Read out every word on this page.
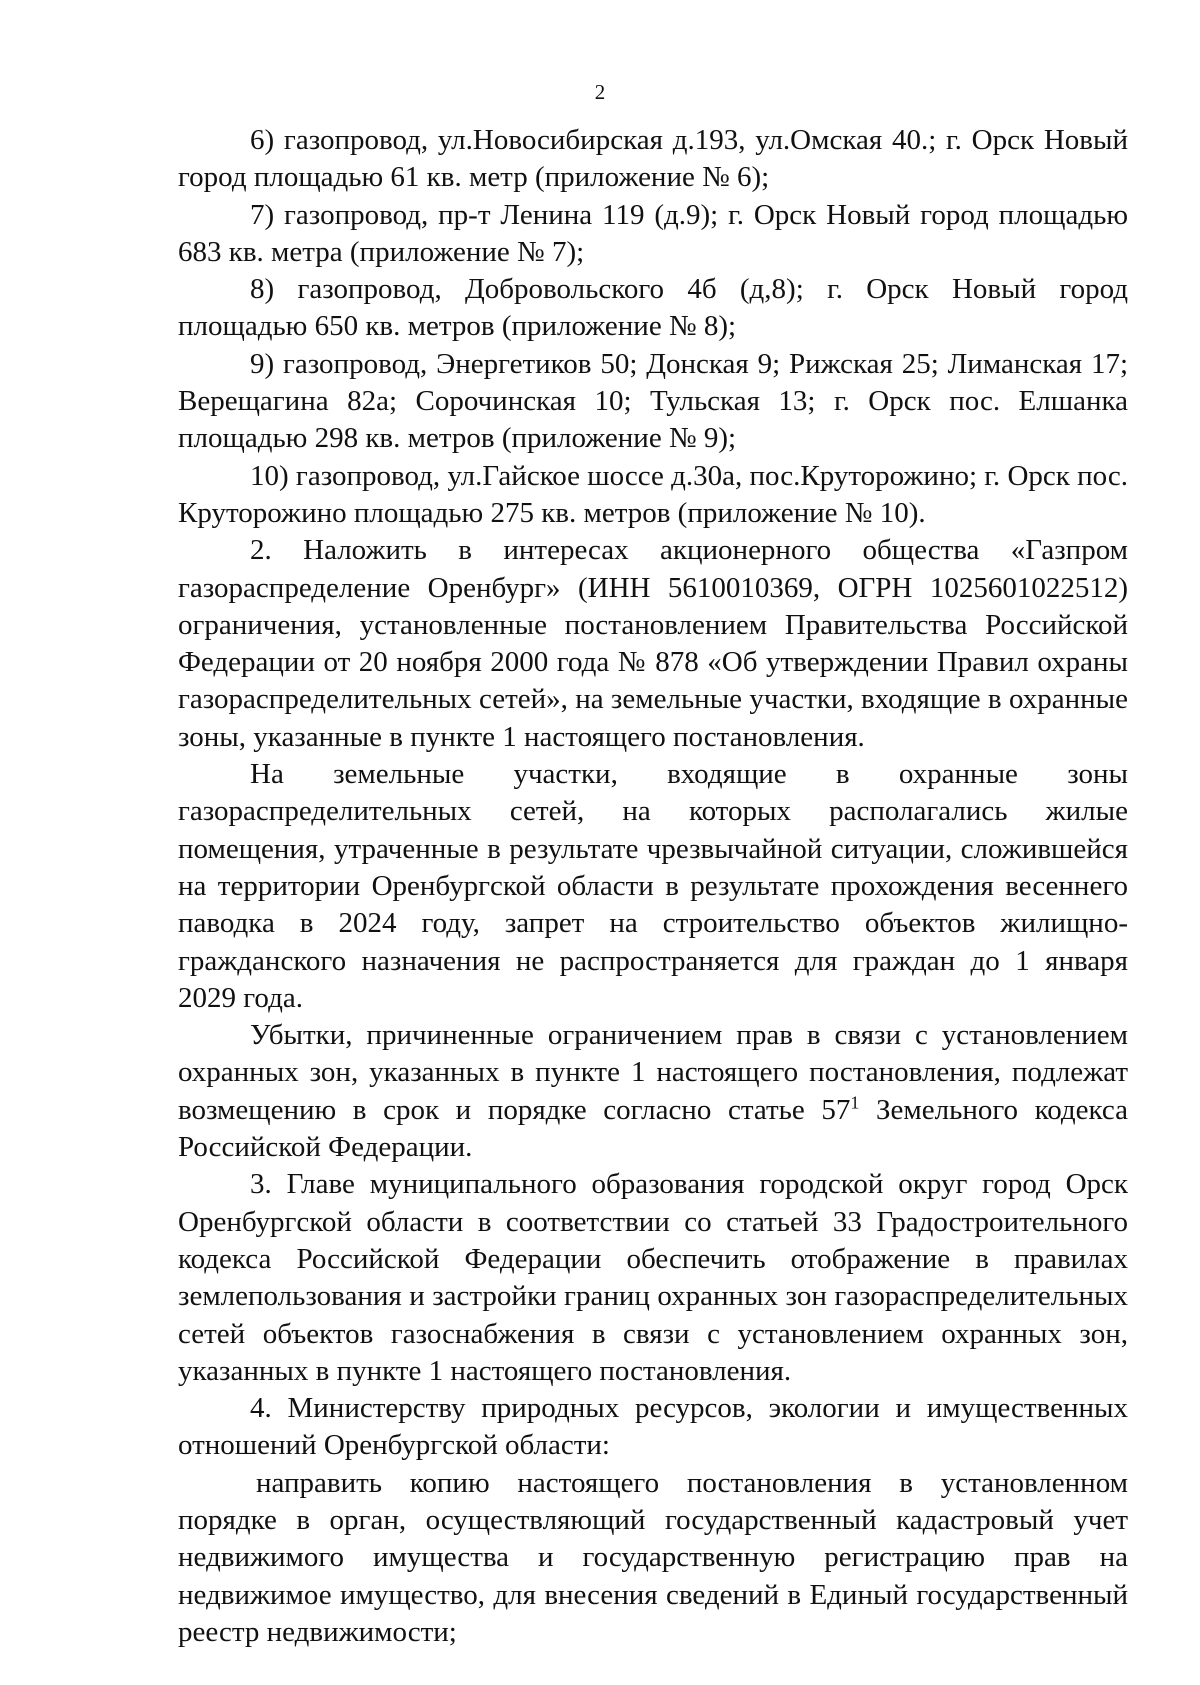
2

6) газопровод, ул.Новосибирская д.193, ул.Омская 40.; г. Орск Новый город площадью 61 кв. метр (приложение № 6);

7) газопровод, пр-т Ленина 119 (д.9); г. Орск Новый город площадью 683 кв. метра (приложение № 7);

8) газопровод, Добровольского 4б (д,8); г. Орск Новый город площадью 650 кв. метров (приложение № 8);

9) газопровод, Энергетиков 50; Донская 9; Рижская 25; Лиманская 17; Верещагина 82а; Сорочинская 10; Тульская 13; г. Орск пос. Елшанка площадью 298 кв. метров (приложение № 9);

10) газопровод, ул.Гайское шоссе д.30а, пос.Круторожино; г. Орск пос. Круторожино площадью 275 кв. метров (приложение № 10).

2. Наложить в интересах акционерного общества «Газпром газораспределение Оренбург» (ИНН 5610010369, ОГРН 1025601022512) ограничения, установленные постановлением Правительства Российской Федерации от 20 ноября 2000 года № 878 «Об утверждении Правил охраны газораспределительных сетей», на земельные участки, входящие в охранные зоны, указанные в пункте 1 настоящего постановления.

На земельные участки, входящие в охранные зоны газораспределительных сетей, на которых располагались жилые помещения, утраченные в результате чрезвычайной ситуации, сложившейся на территории Оренбургской области в результате прохождения весеннего паводка в 2024 году, запрет на строительство объектов жилищно-гражданского назначения не распространяется для граждан до 1 января 2029 года.

Убытки, причиненные ограничением прав в связи с установлением охранных зон, указанных в пункте 1 настоящего постановления, подлежат возмещению в срок и порядке согласно статье $57^1$ Земельного кодекса Российской Федерации.

3. Главе муниципального образования городской округ город Орск Оренбургской области в соответствии со статьей 33 Градостроительного кодекса Российской Федерации обеспечить отображение в правилах землепользования и застройки границ охранных зон газораспределительных сетей объектов газоснабжения в связи с установлением охранных зон, указанных в пункте 1 настоящего постановления.

4. Министерству природных ресурсов, экологии и имущественных отношений Оренбургской области:

направить копию настоящего постановления в установленном порядке в орган, осуществляющий государственный кадастровый учет недвижимого имущества и государственную регистрацию прав на недвижимое имущество, для внесения сведений в Единый государственный реестр недвижимости;
